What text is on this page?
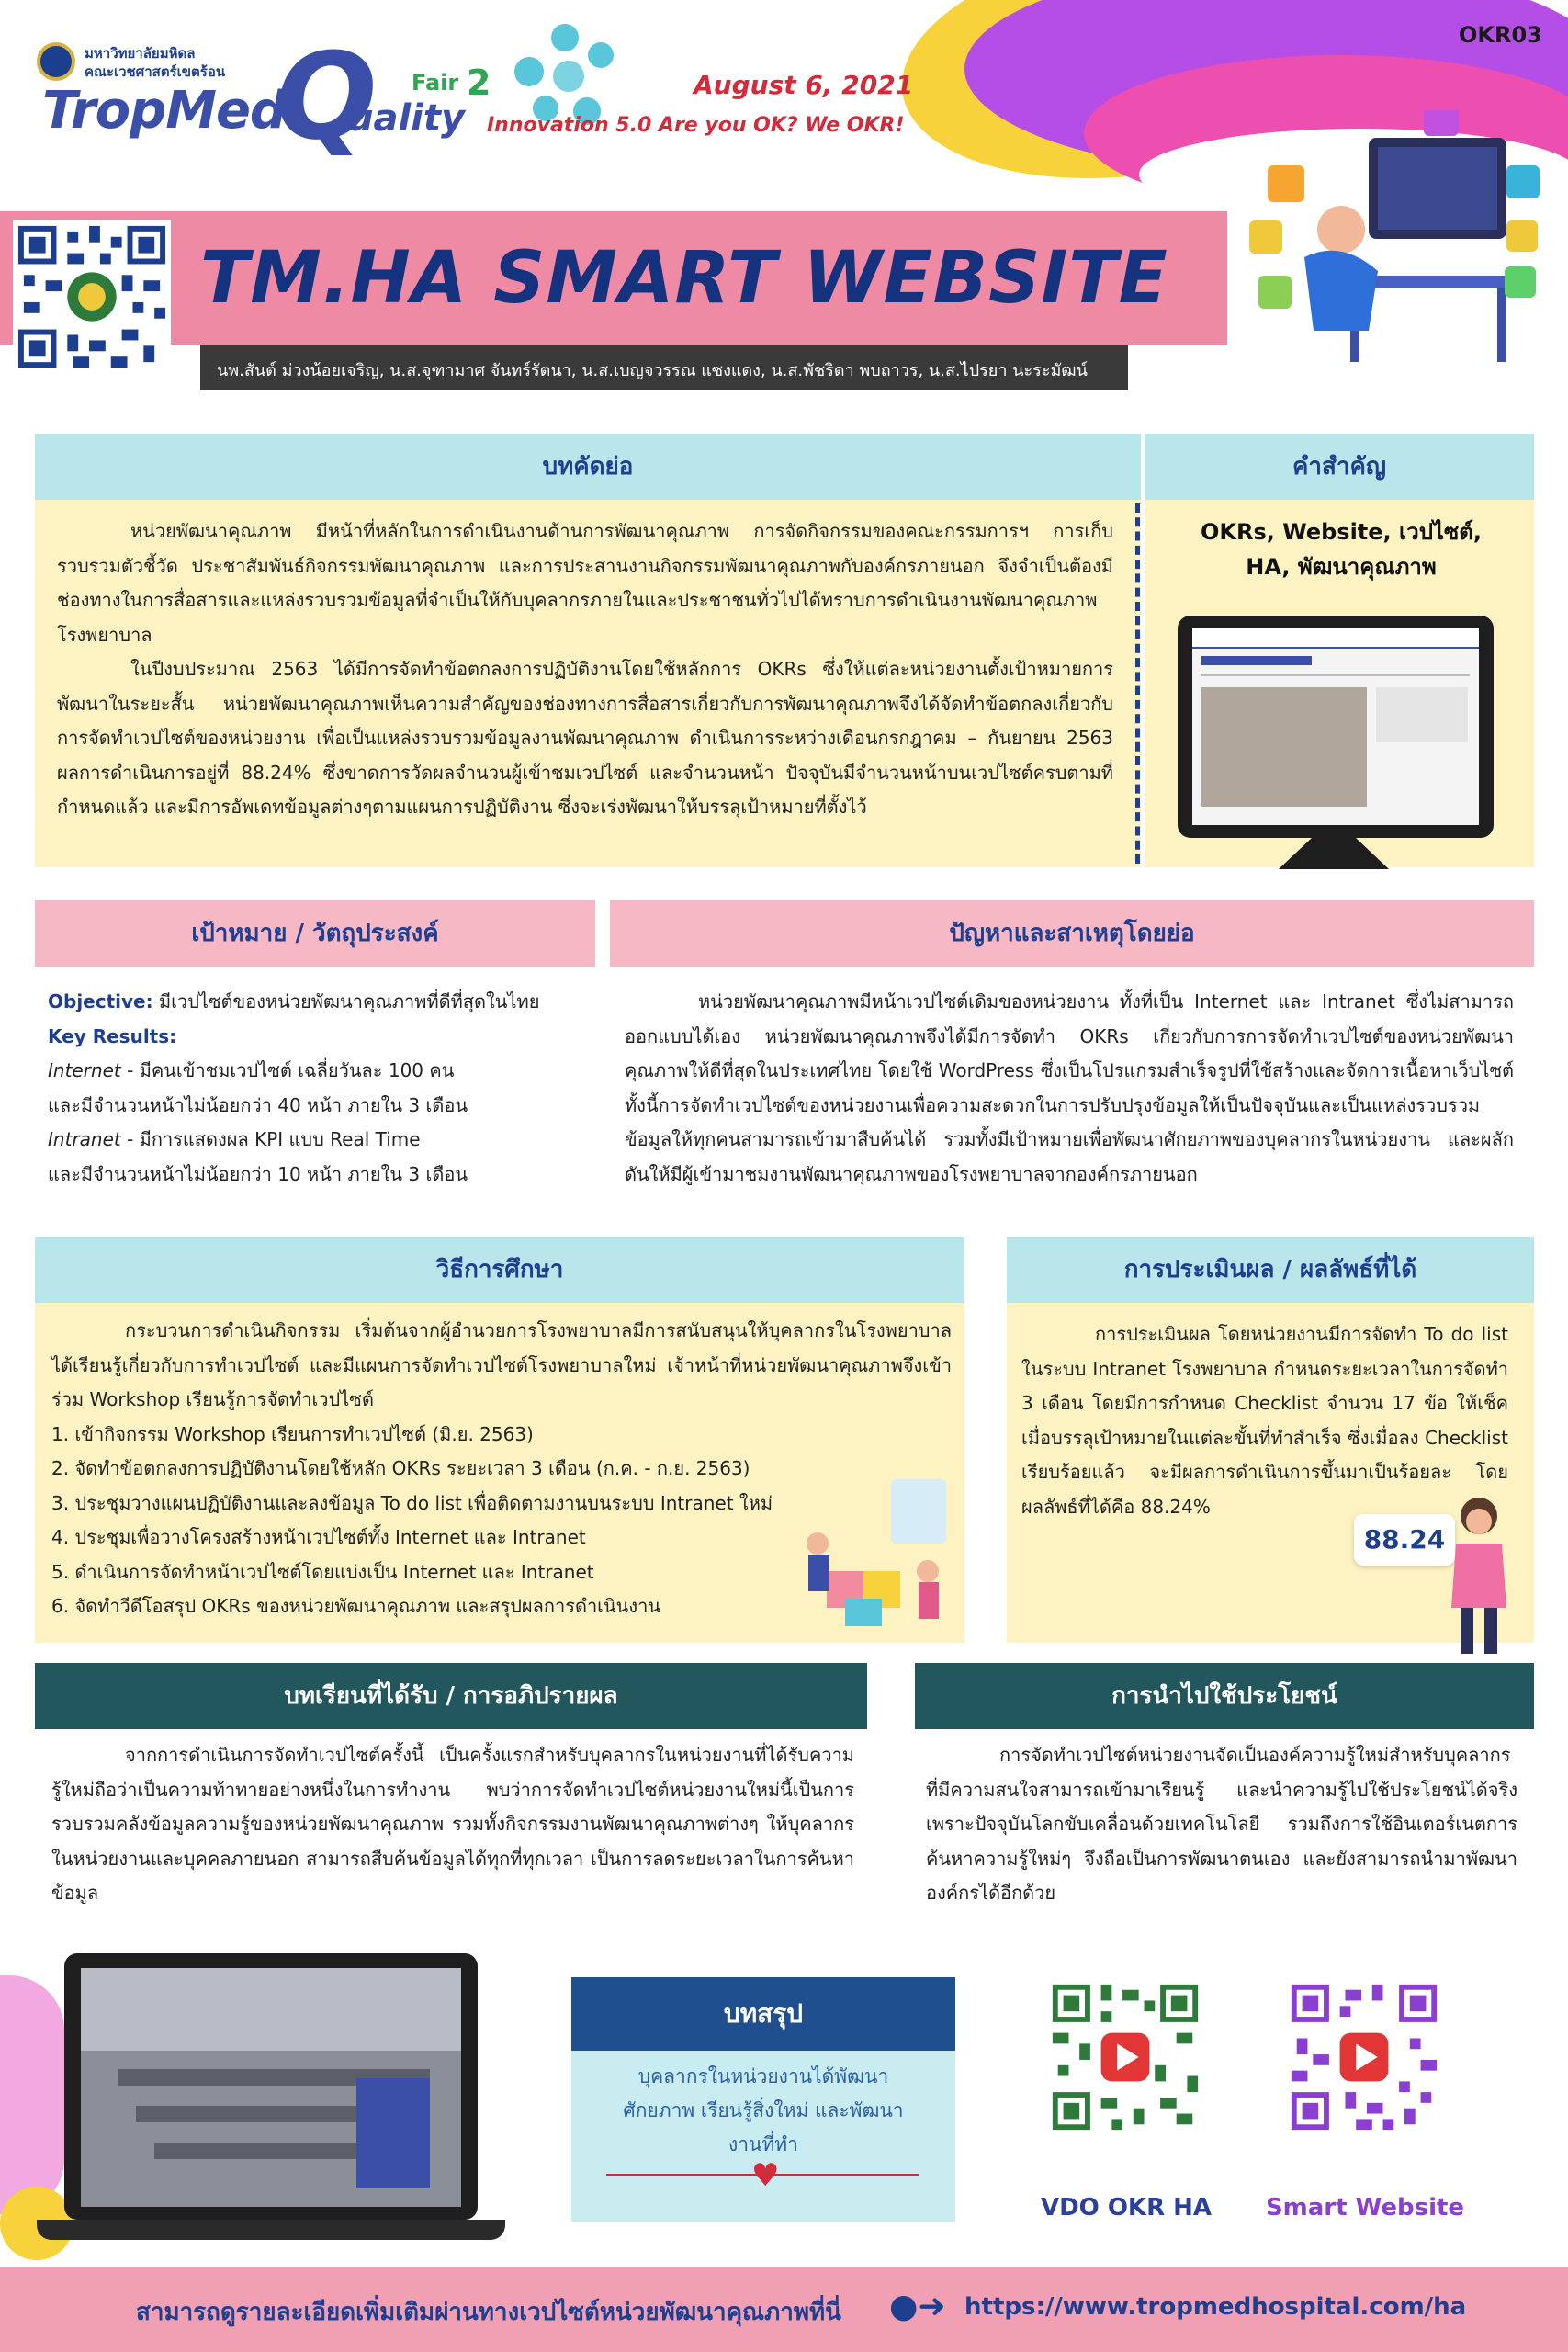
มหาวิทยาลัยมหิดล
คณะเวชศาสตร์เขตร้อน
TropMed
Q
uality
Fair 2	August 6, 2021
Innovation 5.0 Are you OK? We OKR!
OKR03
TM.HA SMART WEBSITE
นพ.สันต์ ม่วงน้อยเจริญ, น.ส.จุฑามาศ จันทร์รัตนา, น.ส.เบญจวรรณ แซงแดง, น.ส.พัชริดา พบถาวร, น.ส.ไปรยา นะระมัฒน์
บทคัดย่อ

หน่วยพัฒนาคุณภาพ มีหน้าที่หลักในการดำเนินงานด้านการพัฒนาคุณภาพ การจัดกิจกรรมของคณะกรรมการฯ การเก็บรวบรวมตัวชี้วัด ประชาสัมพันธ์กิจกรรมพัฒนาคุณภาพ และการประสานงานกิจกรรมพัฒนาคุณภาพกับองค์กรภายนอก จึงจำเป็นต้องมีช่องทางในการสื่อสารและแหล่งรวบรวมข้อมูลที่จำเป็นให้กับบุคลากรภายในและประชาชนทั่วไปได้ทราบการดำเนินงานพัฒนาคุณภาพโรงพยาบาล

ในปีงบประมาณ 2563 ได้มีการจัดทำข้อตกลงการปฏิบัติงานโดยใช้หลักการ OKRs ซึ่งให้แต่ละหน่วยงานตั้งเป้าหมายการพัฒนาในระยะสั้น หน่วยพัฒนาคุณภาพเห็นความสำคัญของช่องทางการสื่อสารเกี่ยวกับการพัฒนาคุณภาพจึงได้จัดทำข้อตกลงเกี่ยวกับการจัดทำเวปไซต์ของหน่วยงาน เพื่อเป็นแหล่งรวบรวมข้อมูลงานพัฒนาคุณภาพ ดำเนินการระหว่างเดือนกรกฎาคม – กันยายน 2563 ผลการดำเนินการอยู่ที่ 88.24% ซึ่งขาดการวัดผลจำนวนผู้เข้าชมเวปไซต์ และจำนวนหน้า ปัจจุบันมีจำนวนหน้าบนเวปไซต์ครบตามที่กำหนดแล้ว และมีการอัพเดทข้อมูลต่างๆตามแผนการปฏิบัติงาน ซึ่งจะเร่งพัฒนาให้บรรลุเป้าหมายที่ตั้งไว้

คำสำคัญ
OKRs, Website, เวปไซต์, HA, พัฒนาคุณภาพ
เป้าหมาย / วัตถุประสงค์
Objective: มีเวปไซต์ของหน่วยพัฒนาคุณภาพที่ดีที่สุดในไทย
Key Results:
Internet - มีคนเข้าชมเวปไซต์ เฉลี่ยวันละ 100 คน
และมีจำนวนหน้าไม่น้อยกว่า 40 หน้า ภายใน 3 เดือน
Intranet - มีการแสดงผล KPI แบบ Real Time
และมีจำนวนหน้าไม่น้อยกว่า 10 หน้า ภายใน 3 เดือน
ปัญหาและสาเหตุโดยย่อ

หน่วยพัฒนาคุณภาพมีหน้าเวปไซต์เดิมของหน่วยงาน ทั้งที่เป็น Internet และ Intranet ซึ่งไม่สามารถออกแบบได้เอง หน่วยพัฒนาคุณภาพจึงได้มีการจัดทำ OKRs เกี่ยวกับการการจัดทำเวปไซต์ของหน่วยพัฒนาคุณภาพให้ดีที่สุดในประเทศไทย โดยใช้ WordPress ซึ่งเป็นโปรแกรมสำเร็จรูปที่ใช้สร้างและจัดการเนื้อหาเว็บไซต์ ทั้งนี้การจัดทำเวปไซต์ของหน่วยงานเพื่อความสะดวกในการปรับปรุงข้อมูลให้เป็นปัจจุบันและเป็นแหล่งรวบรวมข้อมูลให้ทุกคนสามารถเข้ามาสืบค้นได้ รวมทั้งมีเป้าหมายเพื่อพัฒนาศักยภาพของบุคลากรในหน่วยงาน และผลักดันให้มีผู้เข้ามาชมงานพัฒนาคุณภาพของโรงพยาบาลจากองค์กรภายนอก

วิธีการศึกษา

กระบวนการดำเนินกิจกรรม เริ่มต้นจากผู้อำนวยการโรงพยาบาลมีการสนับสนุนให้บุคลากรในโรงพยาบาลได้เรียนรู้เกี่ยวกับการทำเวปไซต์ และมีแผนการจัดทำเวปไซต์โรงพยาบาลใหม่ เจ้าหน้าที่หน่วยพัฒนาคุณภาพจึงเข้าร่วม Workshop เรียนรู้การจัดทำเวปไซต์

1. เข้ากิจกรรม Workshop เรียนการทำเวปไซต์ (มิ.ย. 2563)
2. จัดทำข้อตกลงการปฏิบัติงานโดยใช้หลัก OKRs ระยะเวลา 3 เดือน (ก.ค. - ก.ย. 2563)
3. ประชุมวางแผนปฏิบัติงานและลงข้อมูล To do list เพื่อติดตามงานบนระบบ Intranet ใหม่
4. ประชุมเพื่อวางโครงสร้างหน้าเวปไซต์ทั้ง Internet และ Intranet
5. ดำเนินการจัดทำหน้าเวปไซต์โดยแบ่งเป็น Internet และ Intranet
6. จัดทำวีดีโอสรุป OKRs ของหน่วยพัฒนาคุณภาพ และสรุปผลการดำเนินงาน
การประเมินผล / ผลลัพธ์ที่ได้

การประเมินผล โดยหน่วยงานมีการจัดทำ To do list ในระบบ Intranet โรงพยาบาล กำหนดระยะเวลาในการจัดทำ 3 เดือน โดยมีการกำหนด Checklist จำนวน 17 ข้อ ให้เช็คเมื่อบรรลุเป้าหมายในแต่ละขั้นที่ทำสำเร็จ ซึ่งเมื่อลง Checklist เรียบร้อยแล้ว จะมีผลการดำเนินการขึ้นมาเป็นร้อยละ โดยผลลัพธ์ที่ได้คือ 88.24%

88.24
บทเรียนที่ได้รับ / การอภิปรายผล

จากการดำเนินการจัดทำเวปไซต์ครั้งนี้ เป็นครั้งแรกสำหรับบุคลากรในหน่วยงานที่ได้รับความรู้ใหม่ถือว่าเป็นความท้าทายอย่างหนึ่งในการทำงาน พบว่าการจัดทำเวปไซต์หน่วยงานใหม่นี้เป็นการรวบรวมคลังข้อมูลความรู้ของหน่วยพัฒนาคุณภาพ รวมทั้งกิจกรรมงานพัฒนาคุณภาพต่างๆ ให้บุคลากรในหน่วยงานและบุคคลภายนอก สามารถสืบค้นข้อมูลได้ทุกที่ทุกเวลา เป็นการลดระยะเวลาในการค้นหาข้อมูล

การนำไปใช้ประโยชน์

การจัดทำเวปไซต์หน่วยงานจัดเป็นองค์ความรู้ใหม่สำหรับบุคลากรที่มีความสนใจสามารถเข้ามาเรียนรู้ และนำความรู้ไปใช้ประโยชน์ได้จริง เพราะปัจจุบันโลกขับเคลื่อนด้วยเทคโนโลยี รวมถึงการใช้อินเตอร์เนตการค้นหาความรู้ใหม่ๆ จึงถือเป็นการพัฒนาตนเอง และยังสามารถนำมาพัฒนาองค์กรได้อีกด้วย

บทสรุป
บุคลากรในหน่วยงานได้พัฒนาศักยภาพ เรียนรู้สิ่งใหม่ และพัฒนางานที่ทำ
♥
VDO OKR HA	Smart Website
สามารถดูรายละเอียดเพิ่มเติมผ่านทางเวปไซต์หน่วยพัฒนาคุณภาพที่นี่ ●➜ https://www.tropmedhospital.com/ha
